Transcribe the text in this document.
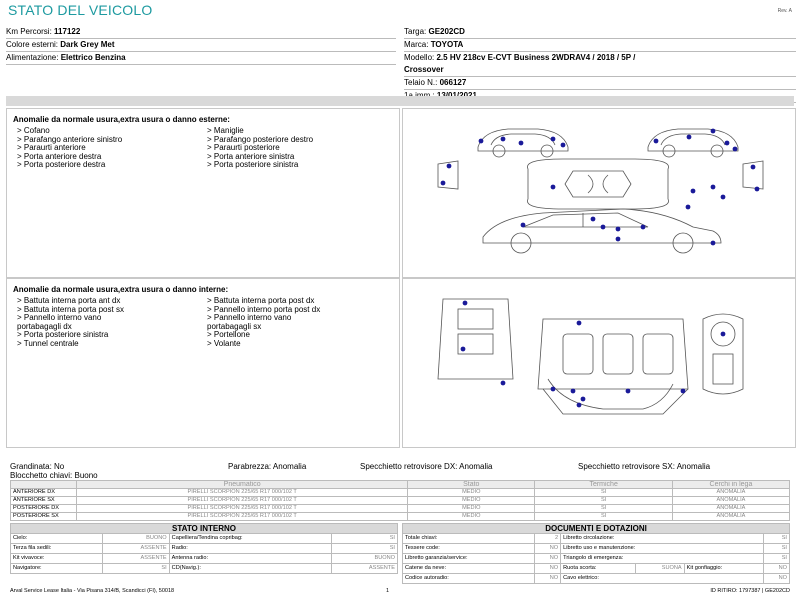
STATO DEL VEICOLO	Rev. A
Km Percorsi: 117122
Colore esterni: Dark Grey Met
Alimentazione: Elettrico Benzina
Targa: GE202CD
Marca: TOYOTA
Modello: 2.5 HV 218cv E-CVT Business 2WDRAV4 / 2018 / 5P /
Crossover
Telaio N.: 066127
Anomalie da normale usura,extra usura o danno esterne:
> Cofano
> Parafango anteriore sinistro
> Paraurti anteriore
> Porta anteriore destra
> Porta posteriore destra
> Maniglie
> Parafango posteriore destro
> Paraurti posteriore
> Porta anteriore sinistra
> Porta posteriore sinistra
Anomalie da normale usura,extra usura o danno interne:
> Battuta interna porta ant dx
> Battuta interna porta post sx
> Pannello interno vano
portabagagli dx
> Porta posteriore sinistra
> Tunnel centrale
> Battuta interna porta post dx
> Pannello interno porta post dx
> Pannello interno vano
portabagagli sx
> Portellone
> Volante
Grandinata: No	Parabrezza: Anomalia	Specchietto retrovisore DX: Anomalia	Specchietto retrovisore SX: Anomalia
Blocchetto chiavi: Buono
	Pneumatico	Stato	Termiche	Cerchi in lega
ANTERIORE DX	PIRELLI SCORPION 225/65 R17 000/102 T	MEDIO	SI	ANOMALIA
ANTERIORE SX	PIRELLI SCORPION 225/65 R17 000/102 T	MEDIO	SI	ANOMALIA
POSTERIORE DX	PIRELLI SCORPION 225/65 R17 000/102 T	MEDIO	SI	ANOMALIA
POSTERIORE SX	PIRELLI SCORPION 225/65 R17 000/102 T	MEDIO	SI	ANOMALIA
STATO INTERNO			
Cielo:	BUONO	Capelliera/Tendina copribag:	SI
Terza fila sedili:	ASSENTE	Radio:	SI
Kit vivavoce:	ASSENTE	Antenna radio:	BUONO
Navigatore:	SI	CD(Navig.):	ASSENTE
DOCUMENTI E DOTAZIONI					
Totale chiavi:	2	Libretto circolazione:			SI
Tessere code:	NO	Libretto uso e manutenzione:			SI
Libretto garanzia/service:	NO	Triangolo di emergenza:			SI
Catene da neve:	NO	Ruota scorta:	SUONA	Kit gonfiaggio:	NO
Codice autoradio:	NO	Cavo elettrico:			NO
Arval Service Lease Italia - Via Pisana 314/B, Scandicci (FI), 50018	1	ID RITIRO: 1797387 | GE202CD
